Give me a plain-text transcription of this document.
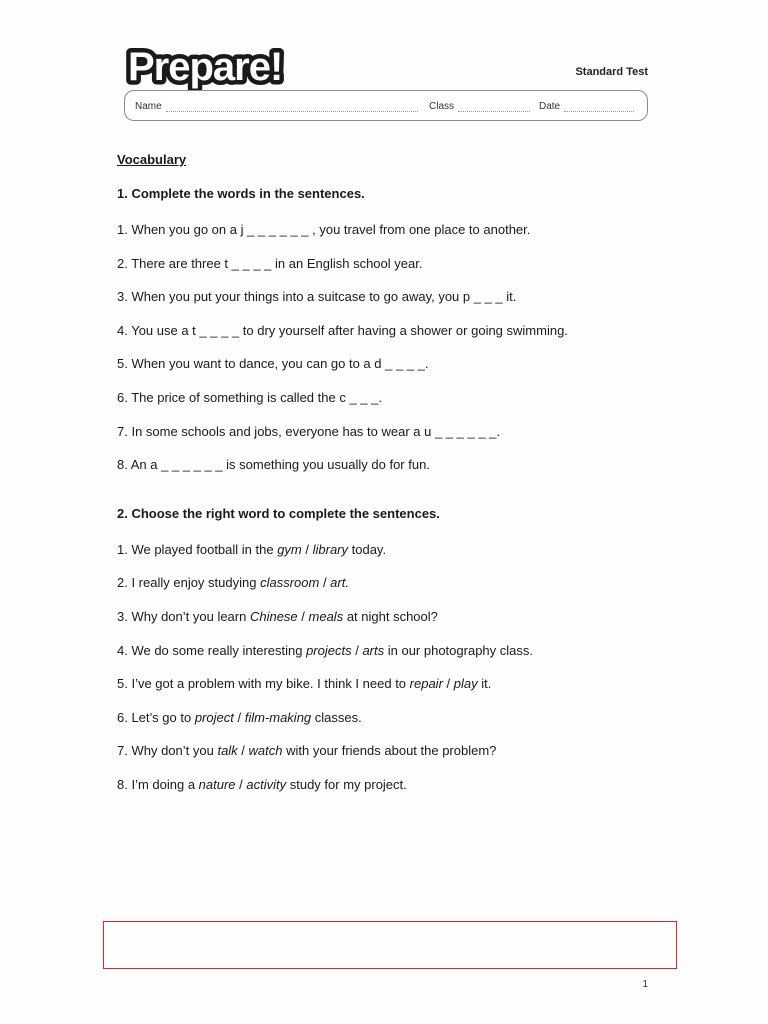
Prepare!	Standard Test
Name	Class	Date
Vocabulary
1. Complete the words in the sentences.
1. When you go on a j _ _ _ _ _ _ , you travel from one place to another.
2. There are three t _ _ _ _ in an English school year.
3. When you put your things into a suitcase to go away, you p _ _ _ it.
4. You use a t _ _ _ _ to dry yourself after having a shower or going swimming.
5. When you want to dance, you can go to a d _ _ _ _.
6. The price of something is called the c _ _ _.
7. In some schools and jobs, everyone has to wear a u _ _ _ _ _ _.
8. An a _ _ _ _ _ _ is something you usually do for fun.
2. Choose the right word to complete the sentences.
1. We played football in the gym / library today.
2. I really enjoy studying classroom / art.
3. Why don’t you learn Chinese / meals at night school?
4. We do some really interesting projects / arts in our photography class.
5. I’ve got a problem with my bike. I think I need to repair / play it.
6. Let’s go to project / film-making classes.
7. Why don’t you talk / watch with your friends about the problem?
8. I’m doing a nature / activity study for my project.
1
